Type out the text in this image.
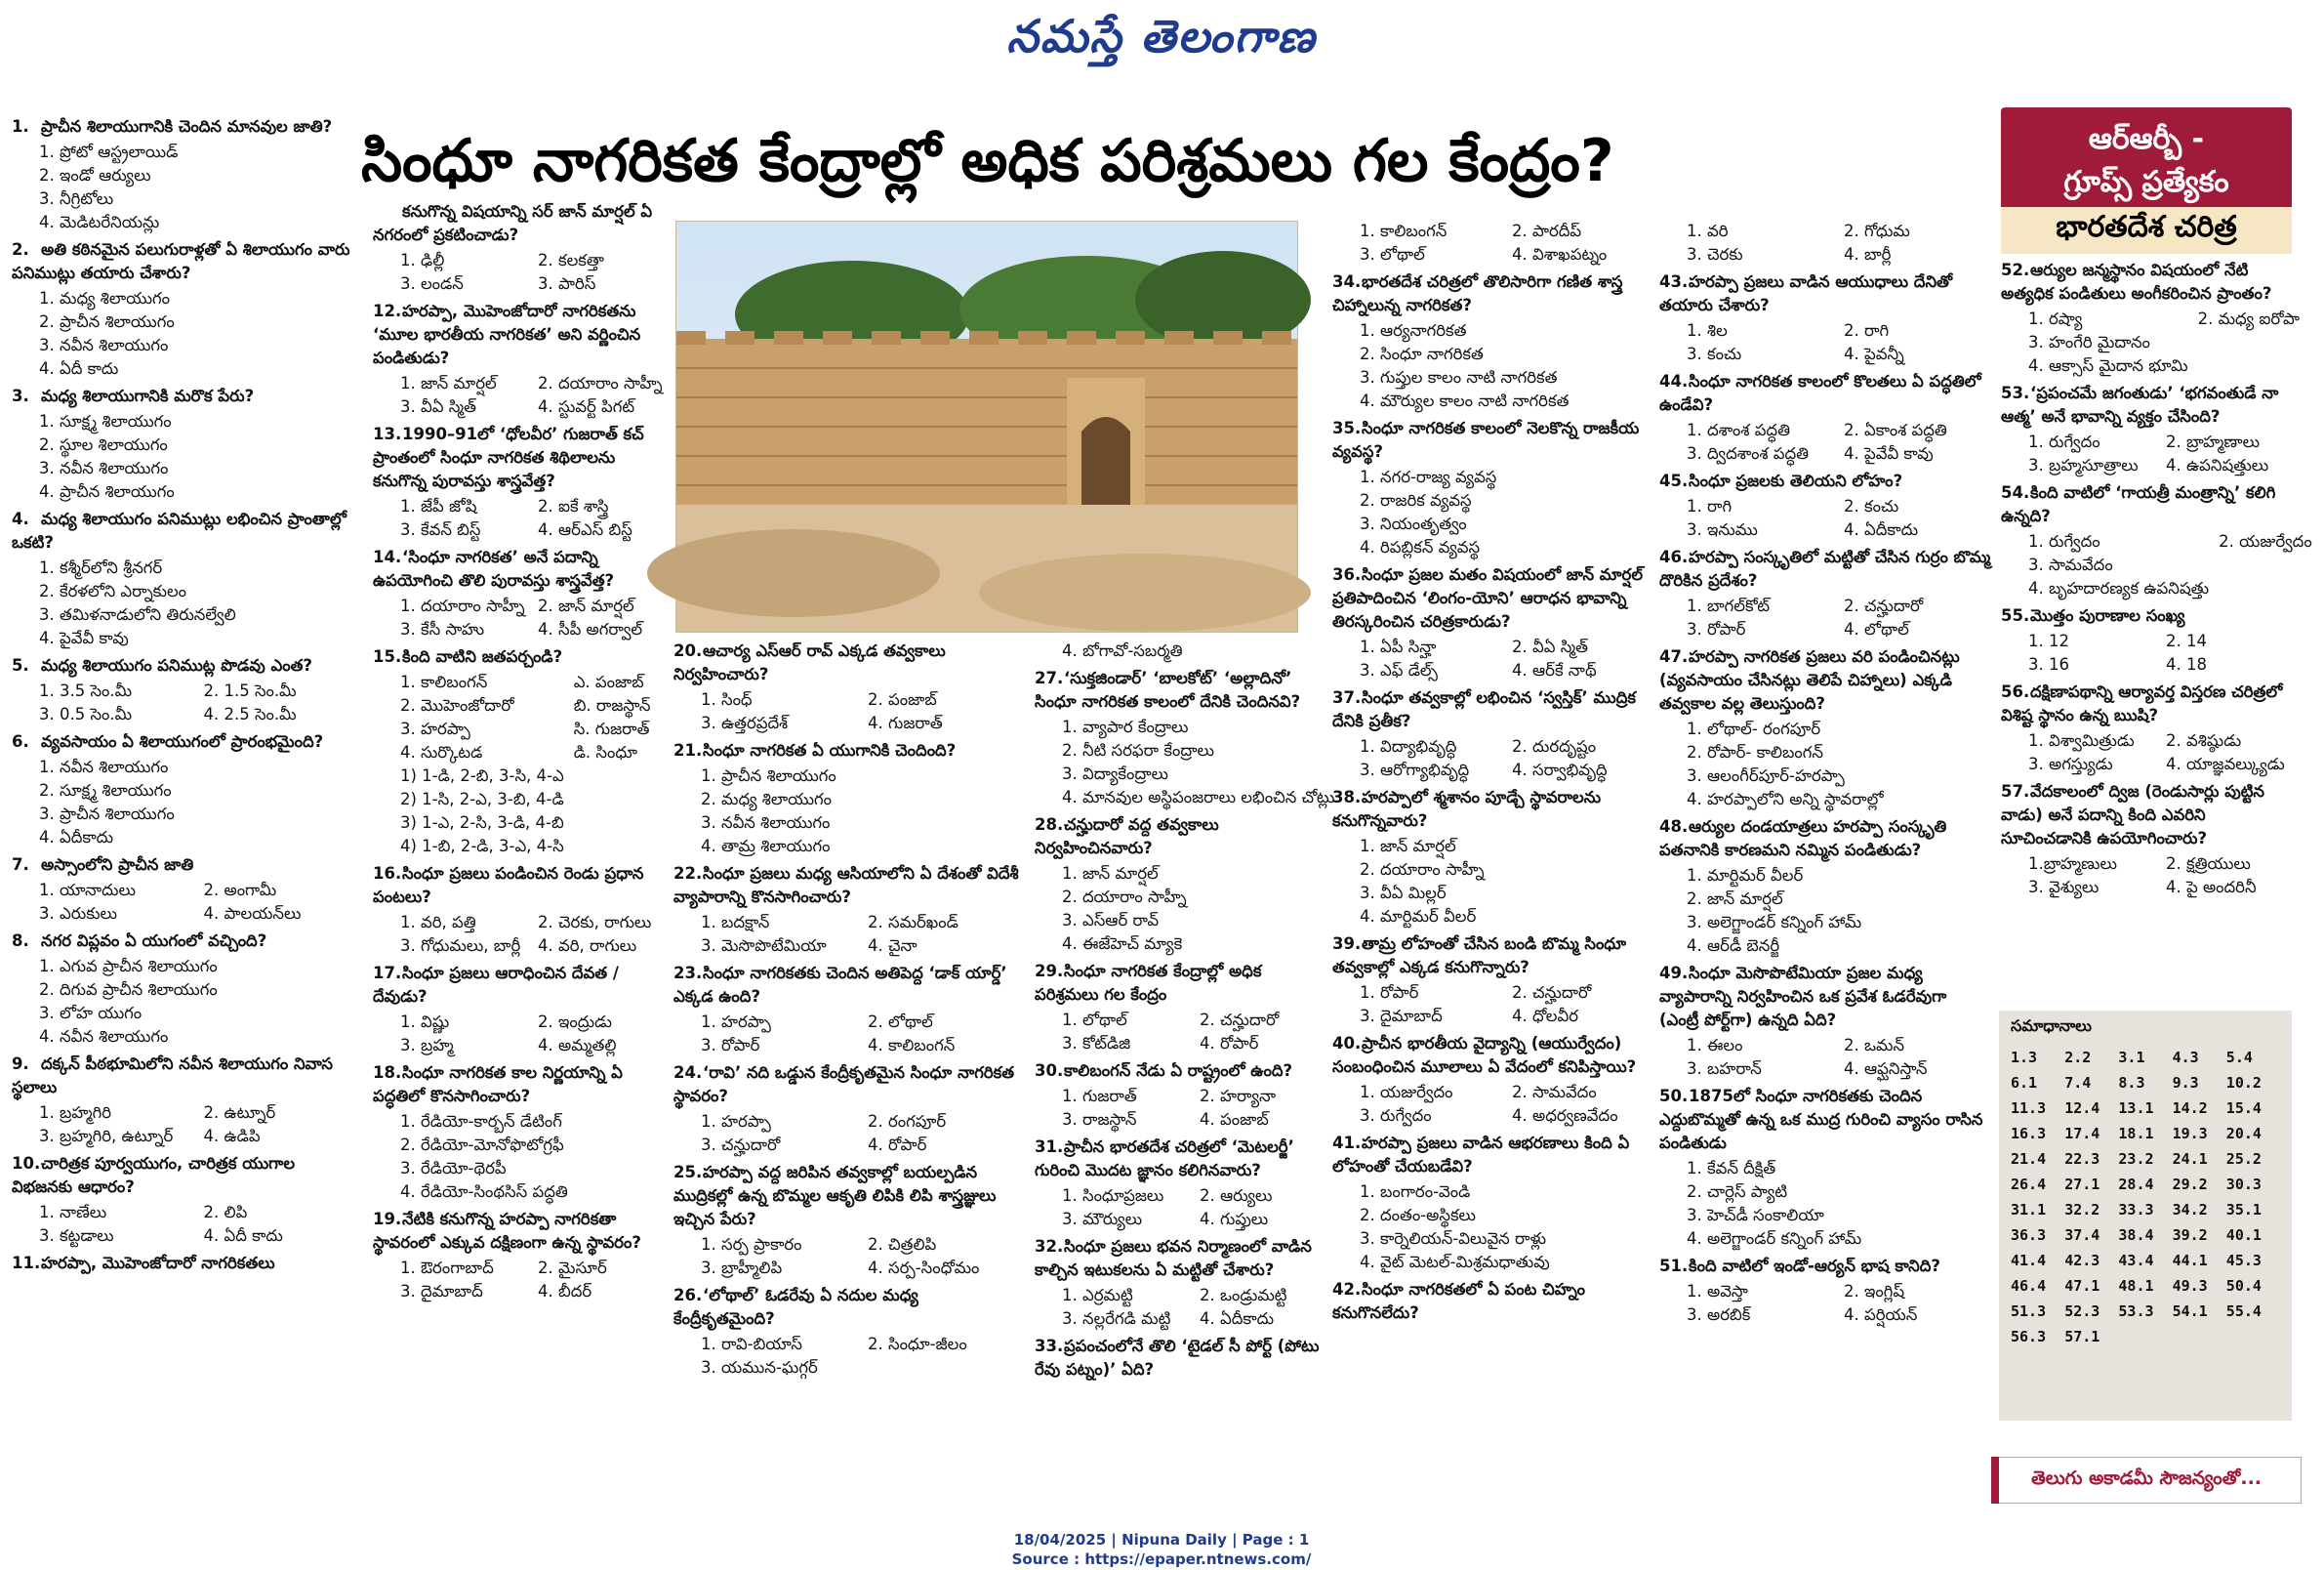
నమస్తే తెలంగాణ
సింధూ నాగరికత కేంద్రాల్లో అధిక పరిశ్రమలు గల కేంద్రం?	ఆర్ఆర్బీ -
గ్రూప్స్ ప్రత్యేకం
భారతదేశ చరిత్ర
1. ప్రాచీన శిలాయుగానికి చెందిన మానవుల జాతి?
1. ప్రోటో ఆస్ట్రలాయిడ్
2. ఇండో ఆర్యులు
3. నీగ్రిటోలు
4. మెడిటరేనియన్లు
2. అతి కఠినమైన పలుగురాళ్లతో ఏ శిలాయుగం వారు పనిముట్లు తయారు చేశారు?
1. మధ్య శిలాయుగం
2. ప్రాచీన శిలాయుగం
3. నవీన శిలాయుగం
4. ఏదీ కాదు
3. మధ్య శిలాయుగానికి మరొక పేరు?
1. సూక్ష్మ శిలాయుగం
2. స్థూల శిలాయుగం
3. నవీన శిలాయుగం
4. ప్రాచీన శిలాయుగం
4. మధ్య శిలాయుగం పనిముట్లు లభించిన ప్రాంతాల్లో ఒకటి?
1. కశ్మీర్‌లోని శ్రీనగర్
2. కేరళలోని ఎర్నాకులం
3. తమిళనాడులోని తిరునల్వేలి
4. పైవేవీ కావు
5. మధ్య శిలాయుగం పనిముట్ల పొడవు ఎంత?
1. 3.5 సెం.మీ	2. 1.5 సెం.మీ
3. 0.5 సెం.మీ	4. 2.5 సెం.మీ
6. వ్యవసాయం ఏ శిలాయుగంలో ప్రారంభమైంది?
1. నవీన శిలాయుగం
2. సూక్ష్మ శిలాయుగం
3. ప్రాచీన శిలాయుగం
4. ఏదీకాదు
7. అస్సాంలోని ప్రాచీన జాతి
1. యానాదులు	2. అంగామీ
3. ఎరుకులు	4. పాలయన్‌లు
8. నగర విప్లవం ఏ యుగంలో వచ్చింది?
1. ఎగువ ప్రాచీన శిలాయుగం
2. దిగువ ప్రాచీన శిలాయుగం
3. లోహ యుగం
4. నవీన శిలాయుగం
9. దక్కన్ పీఠభూమిలోని నవీన శిలాయుగం నివాస స్థలాలు
1. బ్రహ్మగిరి	2. ఉట్నూర్
3. బ్రహ్మగిరి, ఉట్నూర్	4. ఉడిపి
10.చారిత్రక పూర్వయుగం, చారిత్రక యుగాల విభజనకు ఆధారం?
1. నాణేలు	2. లిపి
3. కట్టడాలు	4. ఏదీ కాదు
11.హరప్పా, మొహెంజోదారో నాగరికతలు
కనుగొన్న విషయాన్ని సర్ జాన్ మార్షల్ ఏ నగరంలో ప్రకటించాడు?
1. ఢిల్లీ	2. కలకత్తా
3. లండన్	3. పారిస్
12.హరప్పా, మొహెంజోదారో నాగరికతను ‘మూల భారతీయ నాగరికత’ అని వర్ణించిన పండితుడు?
1. జాన్ మార్షల్	2. దయారాం సాహ్నీ
3. వీఏ స్మిత్	4. స్టువర్ట్ పిగట్
13.1990–91లో ‘ధోలవీర’ గుజరాత్ కచ్ ప్రాంతంలో సింధూ నాగరికత శిథిలాలను కనుగొన్న పురావస్తు శాస్త్రవేత్త?
1. జేపీ జోషి	2. ఐకే శాస్త్రి
3. కేవన్ బిస్ట్	4. ఆర్ఎస్ బిస్ట్
14.‘సింధూ నాగరికత’ అనే పదాన్ని ఉపయోగించి తొలి పురావస్తు శాస్త్రవేత్త?
1. దయారాం సాహ్నీ 2. జాన్ మార్షల్
3. కేసీ సాహు	4. సీపీ అగర్వాల్
15.కింది వాటిని జతపర్చండి?
1. కాలిబంగన్	ఎ. పంజాబ్
2. మొహెంజోదారో	బి. రాజస్థాన్
3. హరప్పా	సి. గుజరాత్
4. సుర్కొటడ	డి. సింధూ
1) 1-డి, 2-బి, 3-సి, 4-ఎ
2) 1-సి, 2-ఎ, 3-బి, 4-డి
3) 1-ఎ, 2-సి, 3-డి, 4-బి
4) 1-బి, 2-డి, 3-ఎ, 4-సి
16.సింధూ ప్రజలు పండించిన రెండు ప్రధాన పంటలు?
1. వరి, పత్తి	2. చెరకు, రాగులు
3. గోధుమలు, బార్లీ	4. వరి, రాగులు
17.సింధూ ప్రజలు ఆరాధించిన దేవత /దేవుడు?
1. విష్ణు	2. ఇంద్రుడు
3. బ్రహ్మ	4. అమ్మతల్లి
18.సింధూ నాగరికత కాల నిర్ణయాన్ని ఏ పద్ధతిలో కొనసాగించారు?
1. రేడియో-కార్బన్ డేటింగ్
2. రేడియో-మోనోఫొటోగ్రఫీ
3. రేడియో-థెరపీ
4. రేడియో-సింథసిస్ పద్ధతి
19.నేటికి కనుగొన్న హరప్పా నాగరికతా స్థావరంలో ఎక్కువ దక్షిణంగా ఉన్న స్థావరం?
1. ఔరంగాబాద్	2. మైసూర్
3. దైమాబాద్	4. బీదర్
20.ఆచార్య ఎస్ఆర్ రావ్ ఎక్కడ తవ్వకాలు నిర్వహించారు?
1. సింధ్	2. పంజాబ్
3. ఉత్తరప్రదేశ్	4. గుజరాత్
21.సింధూ నాగరికత ఏ యుగానికి చెందింది?
1. ప్రాచీన శిలాయుగం
2. మధ్య శిలాయుగం
3. నవీన శిలాయుగం
4. తామ్ర శిలాయుగం
22.సింధూ ప్రజలు మధ్య ఆసియాలోని ఏ దేశంతో విదేశీ వ్యాపారాన్ని కొనసాగించారు?
1. బదక్షాన్	2. సమర్‌ఖండ్
3. మెసొపొటేమియా	4. చైనా
23.సింధూ నాగరికతకు చెందిన అతిపెద్ద ‘డాక్ యార్డ్’ ఎక్కడ ఉంది?
1. హరప్పా	2. లోథాల్
3. రోపార్	4. కాలిబంగన్
24.‘రావి’ నది ఒడ్డున కేంద్రీకృతమైన సింధూ నాగరికత స్థావరం?
1. హరప్పా	2. రంగపూర్
3. చన్హుదారో	4. రోపార్
25.హరప్పా వద్ద జరిపిన తవ్వకాల్లో బయల్పడిన ముద్రికల్లో ఉన్న బొమ్మల ఆకృతి లిపికి లిపి శాస్త్రజ్ఞులు ఇచ్చిన పేరు?
1. సర్ప ప్రాకారం	2. చిత్రలిపి
3. బ్రాహ్మీలిపి	4. సర్ప-సింధోమం
26.‘లోథాల్’ ఓడరేవు ఏ నదుల మధ్య కేంద్రీకృతమైంది?
1. రావి-బియాస్	2. సింధూ-జీలం
3. యమున-ఘగ్గర్
4. బోగావో-సబర్మతి
27.‘సుక్తజిండార్’ ‘బాలకోట్’ ‘అల్లాదినో’ సింధూ నాగరికత కాలంలో దేనికి చెందినవి?
1. వ్యాపార కేంద్రాలు
2. నీటి సరఫరా కేంద్రాలు
3. విద్యాకేంద్రాలు
4. మానవుల అస్థిపంజరాలు లభించిన చోట్లు
28.చన్హుదారో వద్ద తవ్వకాలు నిర్వహించినవారు?
1. జాన్ మార్షల్
2. దయారాం సాహ్నీ
3. ఎస్ఆర్ రావ్
4. ఈజేహెచ్ మ్యాకె
29.సింధూ నాగరికత కేంద్రాల్లో అధిక పరిశ్రమలు గల కేంద్రం
1. లోథాల్	2. చన్హుదారో
3. కోట్‌డిజి	4. రోపార్
30.కాలిబంగన్ నేడు ఏ రాష్ట్రంలో ఉంది?
1. గుజరాత్	2. హర్యానా
3. రాజస్థాన్	4. పంజాబ్
31.ప్రాచీన భారతదేశ చరిత్రలో ‘మెటలర్జీ’ గురించి మొదట జ్ఞానం కలిగినవారు?
1. సింధూప్రజలు	2. ఆర్యులు
3. మౌర్యులు	4. గుప్తులు
32.సింధూ ప్రజలు భవన నిర్మాణంలో వాడిన కాల్చిన ఇటుకలను ఏ మట్టితో చేశారు?
1. ఎర్రమట్టి	2. ఒండ్రుమట్టి
3. నల్లరేగడి మట్టి	4. ఏదీకాదు
33.ప్రపంచంలోనే తొలి ‘టైడల్ సీ పోర్ట్ (పోటు రేవు పట్నం)’ ఏది?
1. కాలిబంగన్	2. పారదీప్
3. లోథాల్	4. విశాఖపట్నం
34.భారతదేశ చరిత్రలో తొలిసారిగా గణిత శాస్త్ర చిహ్నాలున్న నాగరికత?
1. ఆర్యనాగరికత
2. సింధూ నాగరికత
3. గుప్తుల కాలం నాటి నాగరికత
4. మౌర్యుల కాలం నాటి నాగరికత
35.సింధూ నాగరికత కాలంలో నెలకొన్న రాజకీయ వ్యవస్థ?
1. నగర-రాజ్య వ్యవస్థ
2. రాజరిక వ్యవస్థ
3. నియంతృత్వం
4. రిపబ్లికన్ వ్యవస్థ
36.సింధూ ప్రజల మతం విషయంలో జాన్ మార్షల్ ప్రతిపాదించిన ‘లింగం-యోని’ ఆరాధన భావాన్ని తిరస్కరించిన చరిత్రకారుడు?
1. ఏపీ సిన్హా	2. వీఏ స్మిత్
3. ఎఫ్ డేల్స్	4. ఆర్‌కే నాథ్
37.సింధూ తవ్వకాల్లో లభించిన ‘స్వస్తిక్’ ముద్రిక దేనికి ప్రతీక?
1. విద్యాభివృద్ధి	2. దురదృష్టం
3. ఆరోగ్యాభివృద్ధి	4. సర్వాభివృద్ధి
38.హరప్పాలో శ్మశానం పూడ్చే స్థావరాలను కనుగొన్నవారు?
1. జాన్ మార్షల్
2. దయారాం సాహ్నీ
3. వీఏ మిల్లర్
4. మార్టిమర్ వీలర్
39.తామ్ర లోహంతో చేసిన బండి బొమ్మ సింధూ తవ్వకాల్లో ఎక్కడ కనుగొన్నారు?
1. రోపార్	2. చన్హుదారో
3. దైమాబాద్	4. ధోలవీర
40.ప్రాచీన భారతీయ వైద్యాన్ని (ఆయుర్వేదం) సంబంధించిన మూలాలు ఏ వేదంలో కనిపిస్తాయి?
1. యజుర్వేదం	2. సామవేదం
3. రుగ్వేదం	4. అధర్వణవేదం
41.హరప్పా ప్రజలు వాడిన ఆభరణాలు కింది ఏ లోహంతో చేయబడేవి?
1. బంగారం-వెండి
2. దంతం-అస్థికలు
3. కార్నెలియన్-విలువైన రాళ్లు
4. వైట్ మెటల్-మిశ్రమధాతువు
42.సింధూ నాగరికతలో ఏ పంట చిహ్నం కనుగొనలేదు?
1. వరి	2. గోధుమ
3. చెరకు	4. బార్లీ
43.హరప్పా ప్రజలు వాడిన ఆయుధాలు దేనితో తయారు చేశారు?
1. శిల	2. రాగి
3. కంచు	4. పైవన్నీ
44.సింధూ నాగరికత కాలంలో కొలతలు ఏ పద్ధతిలో ఉండేవి?
1. దశాంశ పద్ధతి	2. ఏకాంశ పద్ధతి
3. ద్విదశాంశ పద్ధతి	4. పైవేవీ కావు
45.సింధూ ప్రజలకు తెలియని లోహం?
1. రాగి	2. కంచు
3. ఇనుము	4. ఏదీకాదు
46.హరప్పా సంస్కృతిలో మట్టితో చేసిన గుర్రం బొమ్మ దొరికిన ప్రదేశం?
1. బాగల్‌కోట్	2. చన్హుదారో
3. రోపార్	4. లోథాల్
47.హరప్పా నాగరికత ప్రజలు వరి పండించినట్లు (వ్యవసాయం చేసినట్లు తెలిపే చిహ్నాలు) ఎక్కడి తవ్వకాల వల్ల తెలుస్తుంది?
1. లోథాల్- రంగపూర్
2. రోపార్- కాలిబంగన్
3. ఆలంగీర్‌పూర్-హరప్పా
4. హరప్పాలోని అన్ని స్థావరాల్లో
48.ఆర్యుల దండయాత్రలు హరప్పా సంస్కృతి పతనానికి కారణమని నమ్మిన పండితుడు?
1. మార్టిమర్ వీలర్
2. జాన్ మార్షల్
3. అలెగ్జాండర్ కన్నింగ్ హామ్
4. ఆర్‌డీ బెనర్జీ
49.సింధూ మెసొపొటేమియా ప్రజల మధ్య వ్యాపారాన్ని నిర్వహించిన ఒక ప్రవేశ ఓడరేవుగా (ఎంట్రీ పోర్ట్‌గా) ఉన్నది ఏది?
1. ఈలం	2. ఒమన్
3. బహరాన్	4. ఆఫ్ఘనిస్తాన్
50.1875లో సింధూ నాగరికతకు చెందిన ఎద్దుబొమ్మతో ఉన్న ఒక ముద్ర గురించి వ్యాసం రాసిన పండితుడు
1. కేవన్ దీక్షిత్
2. చార్లెస్ ప్యాటి
3. హెచ్‌డీ సంకాలియా
4. అలెగ్జాండర్ కన్నింగ్ హామ్
51.కింది వాటిలో ఇండో-ఆర్యన్ భాష కానిది?
1. అవెస్తా	2. ఇంగ్లిష్
3. అరబిక్	4. పర్షియన్
52.ఆర్యుల జన్మస్థానం విషయంలో నేటి అత్యధిక పండితులు అంగీకరించిన ప్రాంతం?
1. రష్యా	2. మధ్య ఐరోపా
3. హంగేరి మైదానం
4. ఆక్సాస్ మైదాన భూమి
53.‘ప్రపంచమే జగంతుడు’ ‘భగవంతుడే నా ఆత్మ’ అనే భావాన్ని వ్యక్తం చేసింది?
1. రుగ్వేదం	2. బ్రాహ్మణాలు
3. బ్రహ్మసూత్రాలు	4. ఉపనిషత్తులు
54.కింది వాటిలో ‘గాయత్రీ మంత్రాన్ని’ కలిగి ఉన్నది?
1. రుగ్వేదం	2. యజుర్వేదం
3. సామవేదం
4. బృహదారణ్యక ఉపనిషత్తు
55.మొత్తం పురాణాల సంఖ్య
1. 12	2. 14
3. 16	4. 18
56.దక్షిణాపథాన్ని ఆర్యావర్త విస్తరణ చరిత్రలో విశిష్ట స్థానం ఉన్న ఋషి?
1. విశ్వామిత్రుడు	2. వశిష్ఠుడు
3. అగస్త్యుడు	4. యాజ్ఞవల్క్యుడు
57.వేదకాలంలో ద్విజ (రెండుసార్లు పుట్టిన వాడు) అనే పదాన్ని కింది ఎవరిని సూచించడానికి ఉపయోగించారు?
1.బ్రాహ్మణులు	2. క్షత్రియులు
3. వైశ్యులు	4. పై అందరినీ
సమాధానాలు
1.3	2.2	3.1	4.3	5.4
6.1	7.4	8.3	9.3	10.2
11.3	12.4	13.1	14.2	15.4
16.3	17.4	18.1	19.3	20.4
21.4	22.3	23.2	24.1	25.2
26.4	27.1	28.4	29.2	30.3
31.1	32.2	33.3	34.2	35.1
36.3	37.4	38.4	39.2	40.1
41.4	42.3	43.4	44.1	45.3
46.4	47.1	48.1	49.3	50.4
51.3	52.3	53.3	54.1	55.4
56.3	57.1
తెలుగు అకాడమీ సౌజన్యంతో...
18/04/2025 | Nipuna Daily | Page : 1
Source : https://epaper.ntnews.com/
